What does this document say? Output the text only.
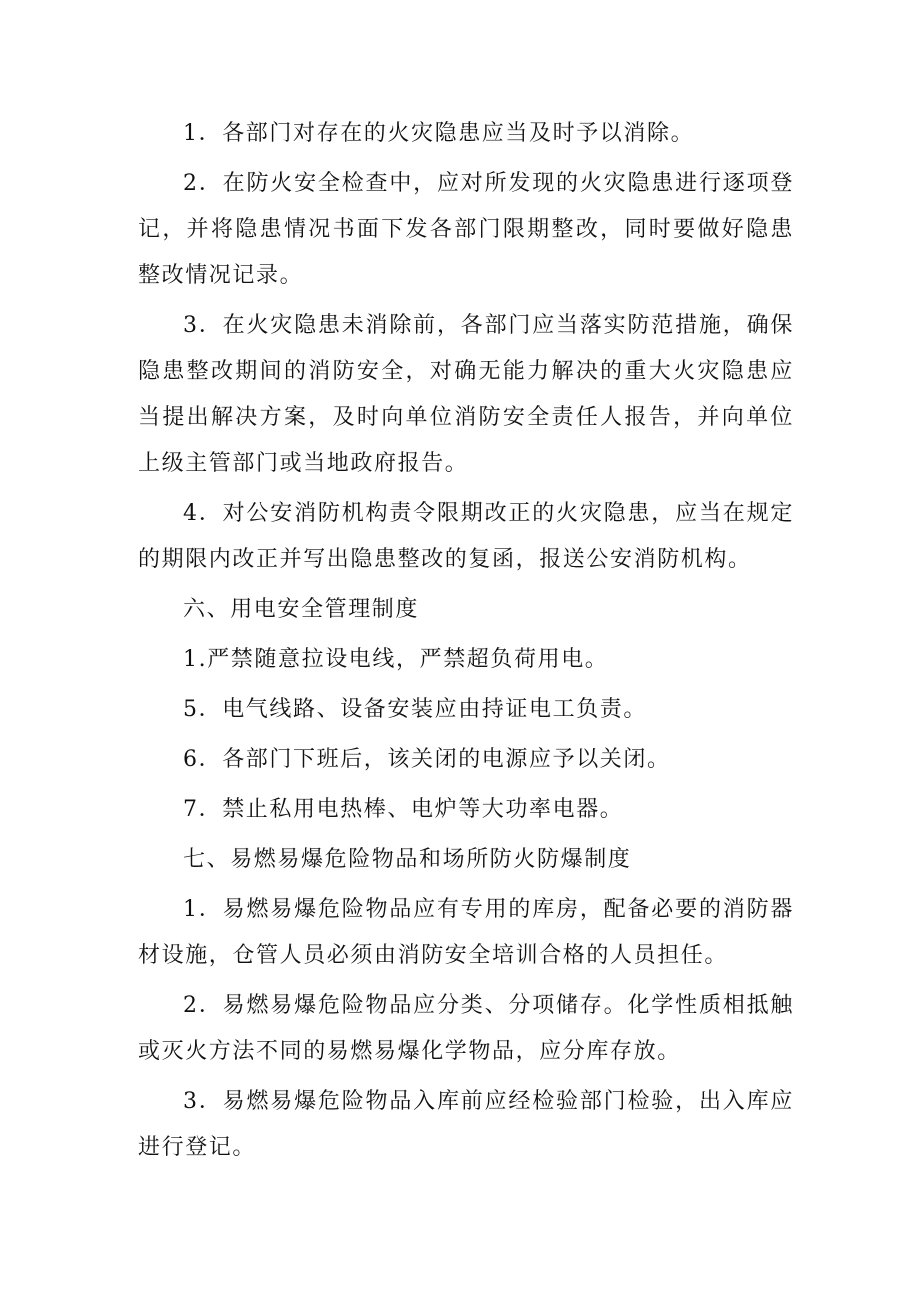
1．各部门对存在的火灾隐患应当及时予以消除。

2．在防火安全检查中，应对所发现的火灾隐患进行逐项登记，并将隐患情况书面下发各部门限期整改，同时要做好隐患整改情况记录。

3．在火灾隐患未消除前，各部门应当落实防范措施，确保隐患整改期间的消防安全，对确无能力解决的重大火灾隐患应当提出解决方案，及时向单位消防安全责任人报告，并向单位上级主管部门或当地政府报告。

4．对公安消防机构责令限期改正的火灾隐患，应当在规定的期限内改正并写出隐患整改的复函，报送公安消防机构。

六、用电安全管理制度

1.严禁随意拉设电线，严禁超负荷用电。

5．电气线路、设备安装应由持证电工负责。

6．各部门下班后，该关闭的电源应予以关闭。

7．禁止私用电热棒、电炉等大功率电器。

七、易燃易爆危险物品和场所防火防爆制度

1．易燃易爆危险物品应有专用的库房，配备必要的消防器材设施，仓管人员必须由消防安全培训合格的人员担任。

2．易燃易爆危险物品应分类、分项储存。化学性质相抵触或灭火方法不同的易燃易爆化学物品，应分库存放。

3．易燃易爆危险物品入库前应经检验部门检验，出入库应进行登记。
